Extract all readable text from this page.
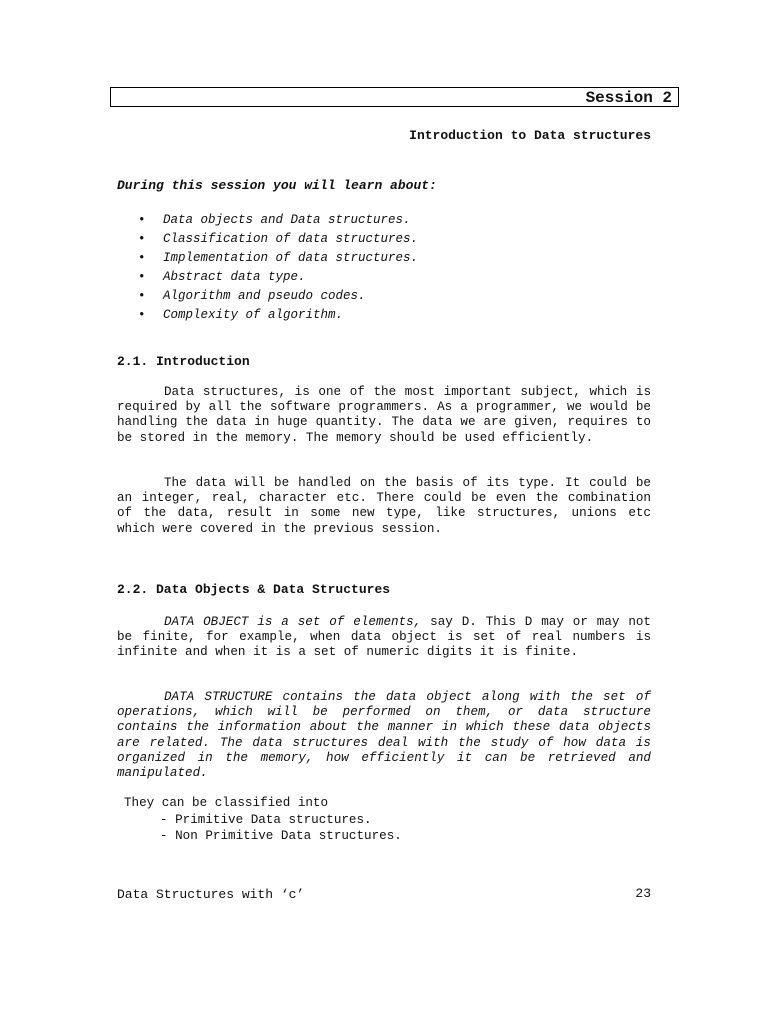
Session 2
Introduction to Data structures
During this session you will learn about:
• Data objects and Data structures.
• Classification of data structures.
• Implementation of data structures.
• Abstract data type.
• Algorithm and pseudo codes.
• Complexity of algorithm.
2.1. Introduction

Data structures, is one of the most important subject, which is required by all the software programmers. As a programmer, we would be handling the data in huge quantity. The data we are given, requires to be stored in the memory. The memory should be used efficiently.

The data will be handled on the basis of its type. It could be an integer, real, character etc. There could be even the combination of the data, result in some new type, like structures, unions etc which were covered in the previous session.

2.2. Data Objects & Data Structures

DATA OBJECT is a set of elements, say D. This D may or may not be finite, for example, when data object is set of real numbers is infinite and when it is a set of numeric digits it is finite.

DATA STRUCTURE contains the data object along with the set of operations, which will be performed on them, or data structure contains the information about the manner in which these data objects are related. The data structures deal with the study of how data is organized in the memory, how efficiently it can be retrieved and manipulated.

They can be classified into
- Primitive Data structures.
- Non Primitive Data structures.
Data Structures with ‘c’	23
